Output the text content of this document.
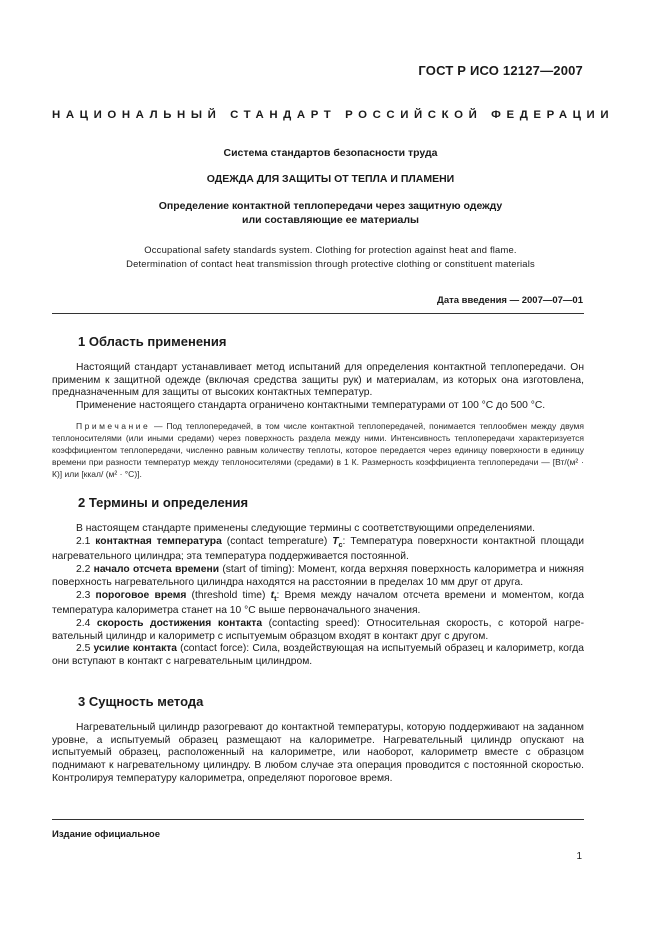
ГОСТ Р ИСО 12127—2007
НАЦИОНАЛЬНЫЙ СТАНДАРТ РОССИЙСКОЙ ФЕДЕРАЦИИ
Система стандартов безопасности труда
ОДЕЖДА ДЛЯ ЗАЩИТЫ ОТ ТЕПЛА И ПЛАМЕНИ
Определение контактной теплопередачи через защитную одежду
или составляющие ее материалы
Occupational safety standards system. Clothing for protection against heat and flame.
Determination of contact heat transmission through protective clothing or constituent materials
Дата введения — 2007—07—01
1 Область применения

Настоящий стандарт устанавливает метод испытаний для определения контактной теплопередачи. Он применим к защитной одежде (включая средства защиты рук) и материалам, из которых она изготовлена, предназначенным для защиты от высоких контактных температур.

Применение настоящего стандарта ограничено контактными температурами от 100 °С до 500 °С.

Примечание — Под теплопередачей, в том числе контактной теплопередачей, понимается теплообмен между двумя теплоносителями (или иными средами) через поверхность раздела между ними. Интенсивность теплопередачи характеризуется коэффициентом теплопередачи, численно равным количеству теплоты, которое передается через единицу поверхности в единицу времени при разности температур между теплоносителями (средами) в 1 К. Размерность коэффициента теплопередачи — [Вт/(м² · К)] или [ккал/ (м² · °С)].

2 Термины и определения

В настоящем стандарте применены следующие термины с соответствующими определениями.

2.1 контактная температура (contact temperature) $T_c$: Температура поверхности контактной площади нагревательного цилиндра; эта температура поддерживается постоянной.

2.2 начало отсчета времени (start of timing): Момент, когда верхняя поверхность калориметра и нижняя поверхность нагревательного цилиндра находятся на расстоянии в пределах 10 мм друг от друга.

2.3 пороговое время (threshold time) $t_t$: Время между началом отсчета времени и моментом, когда температура калориметра станет на 10 °С выше первоначального значения.

2.4 скорость достижения контакта (contacting speed): Относительная скорость, с которой нагревательный цилиндр и калориметр с испытуемым образцом входят в контакт друг с другом.

2.5 усилие контакта (contact force): Сила, воздействующая на испытуемый образец и калориметр, когда они вступают в контакт с нагревательным цилиндром.

3 Сущность метода

Нагревательный цилиндр разогревают до контактной температуры, которую поддерживают на заданном уровне, а испытуемый образец размещают на калориметре. Нагревательный цилиндр опускают на испытуемый образец, расположенный на калориметре, или наоборот, калориметр вместе с образцом поднимают к нагревательному цилиндру. В любом случае эта операция проводится с постоянной скоростью. Контролируя температуру калориметра, определяют пороговое время.

Издание официальное
1
